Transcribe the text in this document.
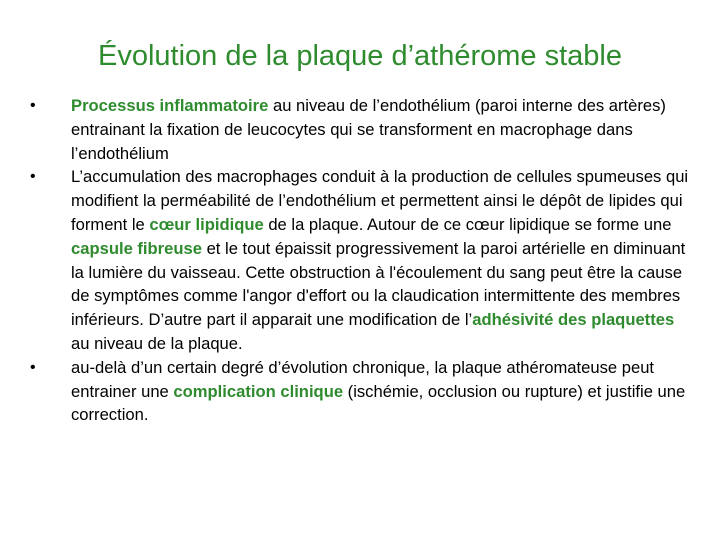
Évolution de la plaque d’athérome stable
•	Processus inflammatoire au niveau de l’endothélium (paroi interne des artères) entrainant la fixation de leucocytes qui se transforment en macrophage dans l’endothélium
•	L’accumulation des macrophages conduit à la production de cellules spumeuses qui modifient la perméabilité de l’endothélium et permettent ainsi le dépôt de lipides qui forment le cœur lipidique de la plaque. Autour de ce cœur lipidique se forme une capsule fibreuse et le tout épaissit progressivement la paroi artérielle en diminuant la lumière du vaisseau. Cette obstruction à l'écoulement du sang peut être la cause de symptômes comme l'angor d'effort ou la claudication intermittente des membres inférieurs. D’autre part il apparait une modification de l’adhésivité des plaquettes au niveau de la plaque.
•	au-delà d’un certain degré d’évolution chronique, la plaque athéromateuse peut entrainer une complication clinique (ischémie, occlusion ou rupture) et justifie une correction.
